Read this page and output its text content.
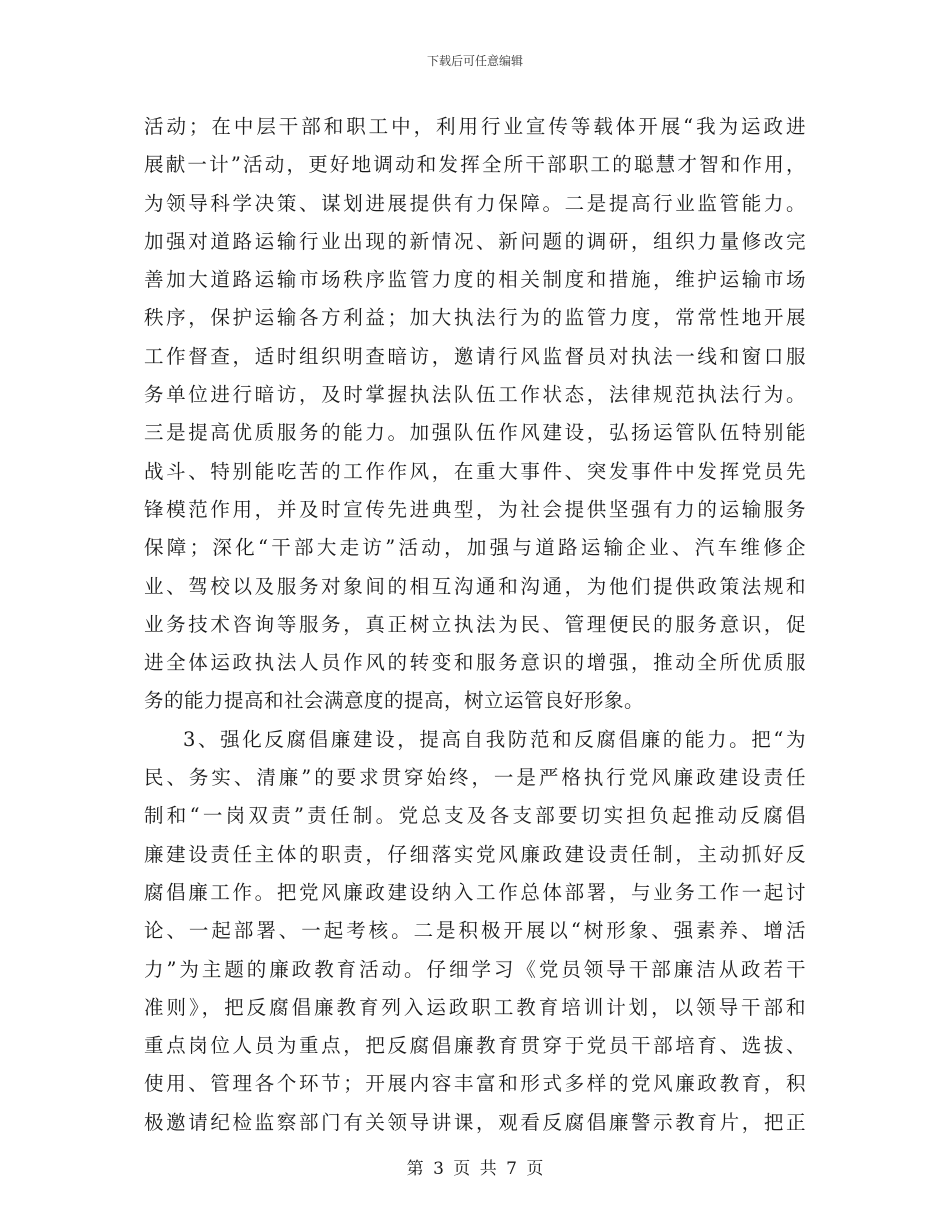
下载后可任意编辑
活动；在中层干部和职工中，利用行业宣传等载体开展“我为运政进
展献一计”活动，更好地调动和发挥全所干部职工的聪慧才智和作用，
为领导科学决策、谋划进展提供有力保障。二是提高行业监管能力。
加强对道路运输行业出现的新情况、新问题的调研，组织力量修改完
善加大道路运输市场秩序监管力度的相关制度和措施，维护运输市场
秩序，保护运输各方利益；加大执法行为的监管力度，常常性地开展
工作督查，适时组织明查暗访，邀请行风监督员对执法一线和窗口服
务单位进行暗访，及时掌握执法队伍工作状态，法律规范执法行为。
三是提高优质服务的能力。加强队伍作风建设，弘扬运管队伍特别能
战斗、特别能吃苦的工作作风，在重大事件、突发事件中发挥党员先
锋模范作用，并及时宣传先进典型，为社会提供坚强有力的运输服务
保障；深化“干部大走访”活动，加强与道路运输企业、汽车维修企
业、驾校以及服务对象间的相互沟通和沟通，为他们提供政策法规和
业务技术咨询等服务，真正树立执法为民、管理便民的服务意识，促
进全体运政执法人员作风的转变和服务意识的增强，推动全所优质服
务的能力提高和社会满意度的提高，树立运管良好形象。
3、强化反腐倡廉建设，提高自我防范和反腐倡廉的能力。把“为
民、务实、清廉”的要求贯穿始终，一是严格执行党风廉政建设责任
制和“一岗双责”责任制。党总支及各支部要切实担负起推动反腐倡
廉建设责任主体的职责，仔细落实党风廉政建设责任制，主动抓好反
腐倡廉工作。把党风廉政建设纳入工作总体部署，与业务工作一起讨
论、一起部署、一起考核。二是积极开展以“树形象、强素养、增活
力”为主题的廉政教育活动。仔细学习《党员领导干部廉洁从政若干
准则》，把反腐倡廉教育列入运政职工教育培训计划，以领导干部和
重点岗位人员为重点，把反腐倡廉教育贯穿于党员干部培育、选拔、
使用、管理各个环节；开展内容丰富和形式多样的党风廉政教育，积
极邀请纪检监察部门有关领导讲课，观看反腐倡廉警示教育片，把正
第 3 页 共 7 页
